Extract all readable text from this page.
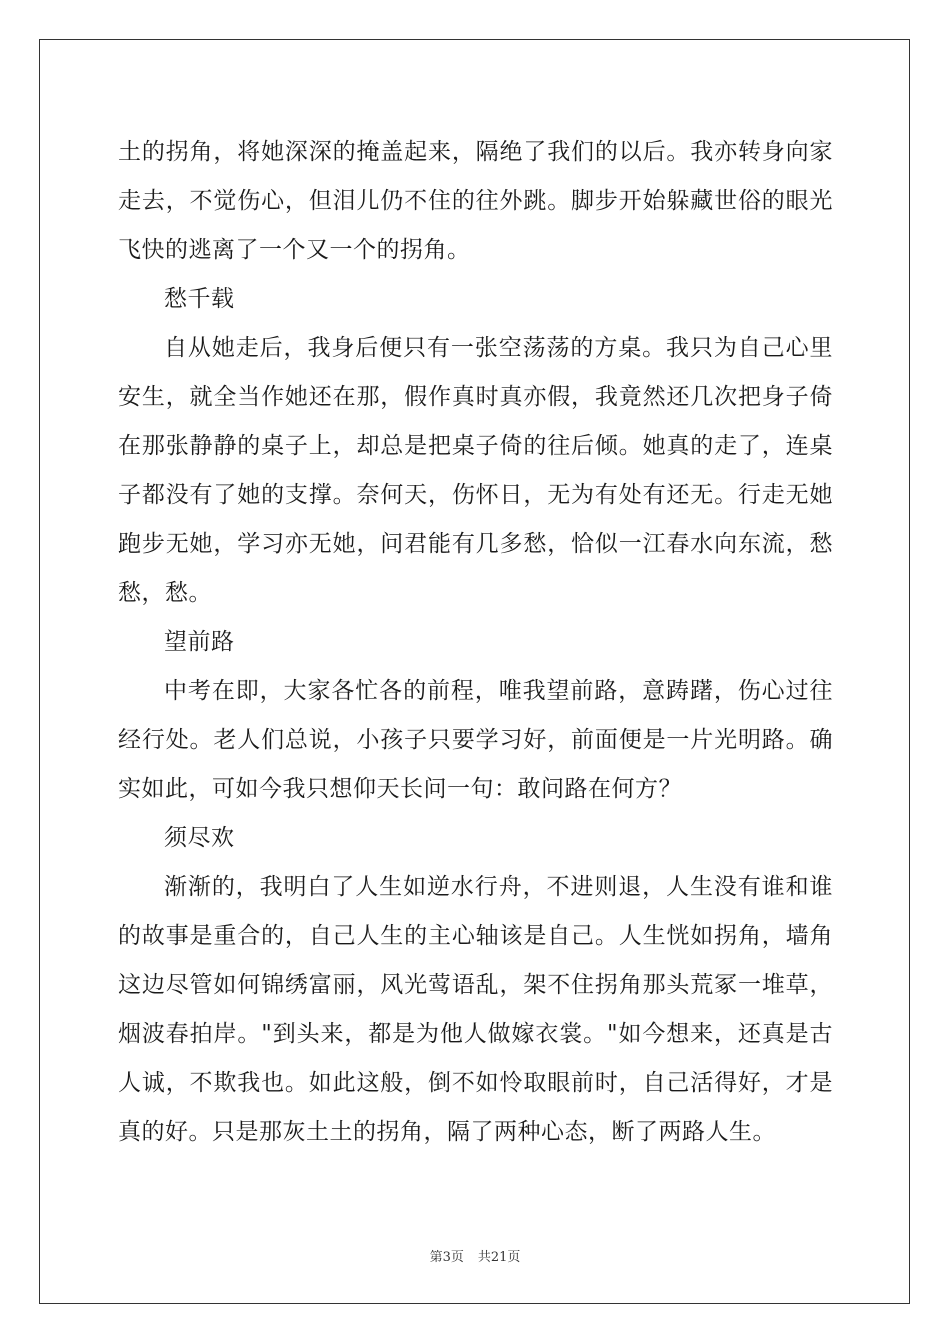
土的拐角，将她深深的掩盖起来，隔绝了我们的以后。我亦转身向家走去，不觉伤心，但泪儿仍不住的往外跳。脚步开始躲藏世俗的眼光飞快的逃离了一个又一个的拐角。

愁千载

自从她走后，我身后便只有一张空荡荡的方桌。我只为自己心里安生，就全当作她还在那，假作真时真亦假，我竟然还几次把身子倚在那张静静的桌子上，却总是把桌子倚的往后倾。她真的走了，连桌子都没有了她的支撑。奈何天，伤怀日，无为有处有还无。行走无她跑步无她，学习亦无她，问君能有几多愁，恰似一江春水向东流，愁愁，愁。

望前路

中考在即，大家各忙各的前程，唯我望前路，意踌躇，伤心过往经行处。老人们总说，小孩子只要学习好，前面便是一片光明路。确实如此，可如今我只想仰天长问一句：敢问路在何方？

须尽欢

渐渐的，我明白了人生如逆水行舟，不进则退，人生没有谁和谁的故事是重合的，自己人生的主心轴该是自己。人生恍如拐角，墙角这边尽管如何锦绣富丽，风光莺语乱，架不住拐角那头荒冢一堆草，烟波春拍岸。"到头来，都是为他人做嫁衣裳。"如今想来，还真是古人诚，不欺我也。如此这般，倒不如怜取眼前时，自己活得好，才是真的好。只是那灰土土的拐角，隔了两种心态，断了两路人生。

第3页 共21页
